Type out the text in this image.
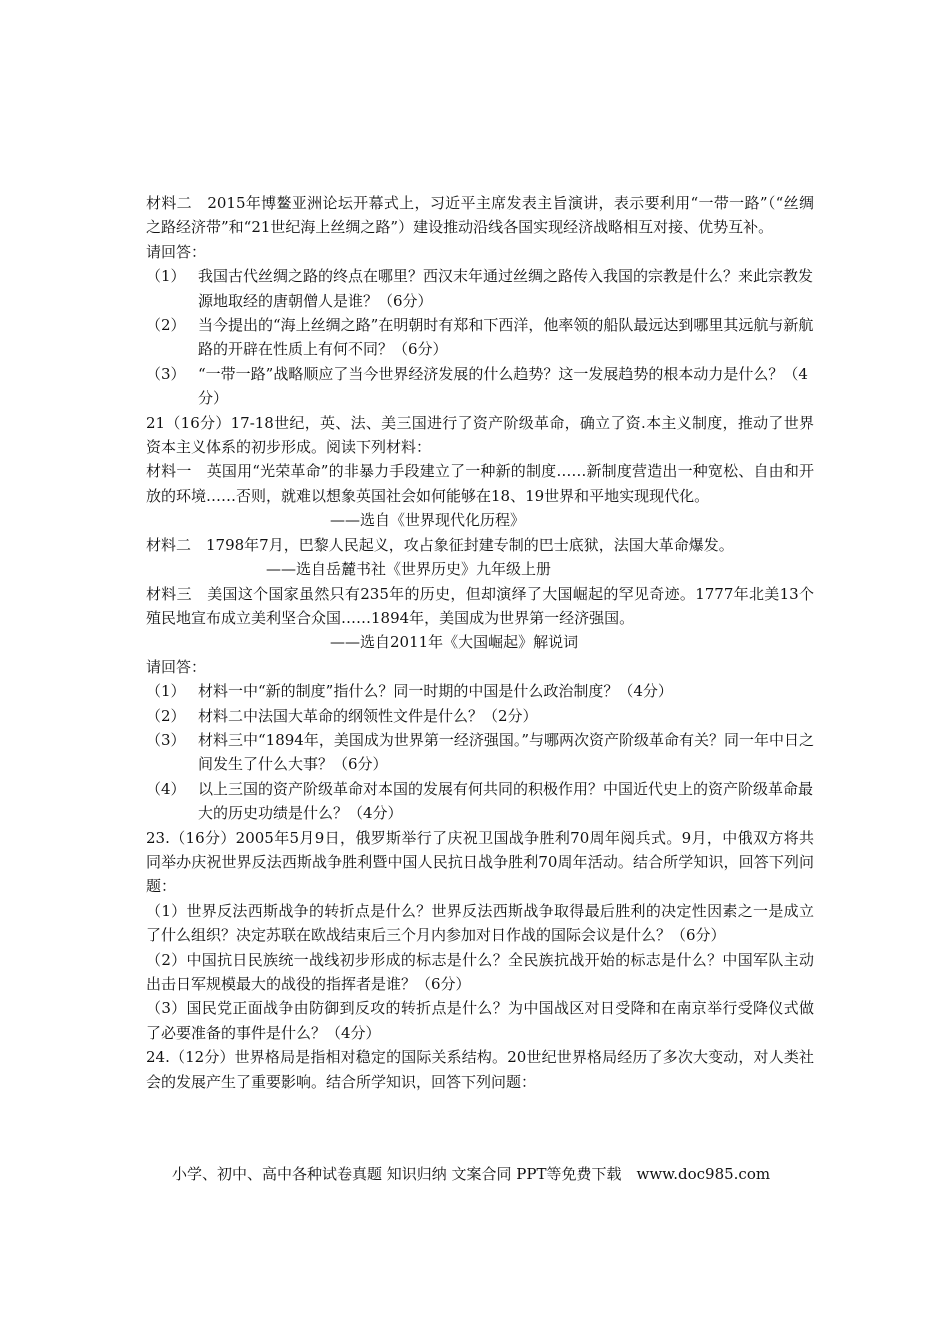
材料二　2015年博鳌亚洲论坛开幕式上，习近平主席发表主旨演讲，表示要利用“一带一路”（“丝绸之路经济带”和“21世纪海上丝绸之路”）建设推动沿线各国实现经济战略相互对接、优势互补。

请回答：

（1） 我国古代丝绸之路的终点在哪里？西汉末年通过丝绸之路传入我国的宗教是什么？来此宗教发源地取经的唐朝僧人是谁？（6分）
（2） 当今提出的“海上丝绸之路”在明朝时有郑和下西洋，他率领的船队最远达到哪里其远航与新航路的开辟在性质上有何不同？（6分）
（3） “一带一路”战略顺应了当今世界经济发展的什么趋势？这一发展趋势的根本动力是什么？（4分）

21（16分）17-18世纪，英、法、美三国进行了资产阶级革命，确立了资.本主义制度，推动了世界资本主义体系的初步形成。阅读下列材料：

材料一　英国用“光荣革命”的非暴力手段建立了一种新的制度……新制度营造出一种宽松、自由和开放的环境……否则，就难以想象英国社会如何能够在18、19世界和平地实现现代化。

——选自《世界现代化历程》

材料二　1798年7月，巴黎人民起义，攻占象征封建专制的巴士底狱，法国大革命爆发。

——选自岳麓书社《世界历史》九年级上册

材料三　美国这个国家虽然只有235年的历史，但却演绎了大国崛起的罕见奇迹。1777年北美13个殖民地宣布成立美利坚合众国……1894年，美国成为世界第一经济强国。

——选自2011年《大国崛起》解说词

请回答：

（1） 材料一中“新的制度”指什么？同一时期的中国是什么政治制度？（4分）
（2） 材料二中法国大革命的纲领性文件是什么？（2分）
（3） 材料三中“1894年，美国成为世界第一经济强国。”与哪两次资产阶级革命有关？同一年中日之间发生了什么大事？（6分）
（4） 以上三国的资产阶级革命对本国的发展有何共同的积极作用？中国近代史上的资产阶级革命最大的历史功绩是什么？（4分）

23.（16分）2005年5月9日，俄罗斯举行了庆祝卫国战争胜利70周年阅兵式。9月，中俄双方将共同举办庆祝世界反法西斯战争胜利暨中国人民抗日战争胜利70周年活动。结合所学知识，回答下列问题：

（1）世界反法西斯战争的转折点是什么？世界反法西斯战争取得最后胜利的决定性因素之一是成立了什么组织？决定苏联在欧战结束后三个月内参加对日作战的国际会议是什么？（6分）

（2）中国抗日民族统一战线初步形成的标志是什么？全民族抗战开始的标志是什么？中国军队主动出击日军规模最大的战役的指挥者是谁？（6分）

（3）国民党正面战争由防御到反攻的转折点是什么？为中国战区对日受降和在南京举行受降仪式做了必要准备的事件是什么？（4分）

24.（12分）世界格局是指相对稳定的国际关系结构。20世纪世界格局经历了多次大变动，对人类社会的发展产生了重要影响。结合所学知识，回答下列问题：

小学、初中、高中各种试卷真题 知识归纳 文案合同 PPT等免费下载　www.doc985.com
